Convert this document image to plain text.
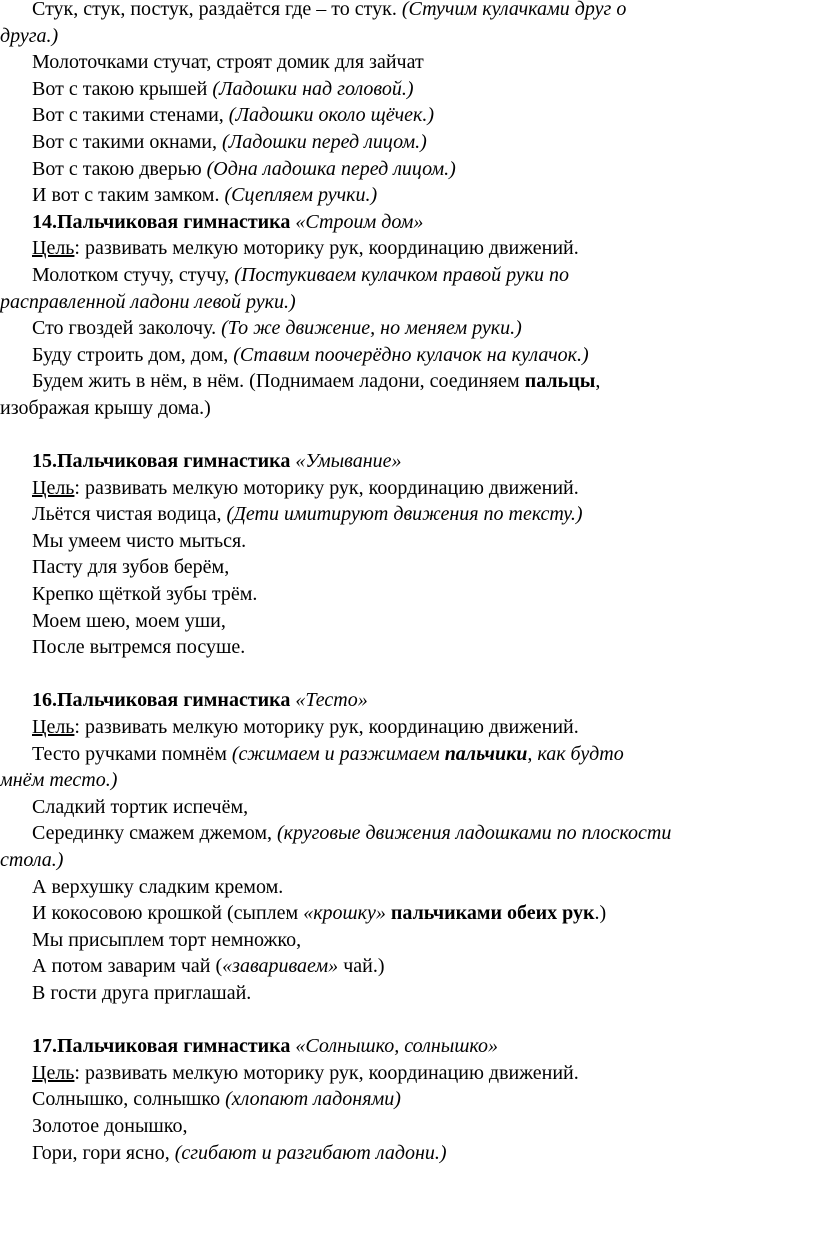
Стук, стук, постук, раздаётся где – то стук. (Стучим кулачками друг о

друга.)

Молоточками стучат, строят домик для зайчат

Вот с такою крышей (Ладошки над головой.)

Вот с такими стенами, (Ладошки около щёчек.)

Вот с такими окнами, (Ладошки перед лицом.)

Вот с такою дверью (Одна ладошка перед лицом.)

И вот с таким замком. (Сцепляем ручки.)

14.Пальчиковая гимнастика «Строим дом»

Цель: развивать мелкую моторику рук, координацию движений.

Молотком стучу, стучу, (Постукиваем кулачком правой руки по

расправленной ладони левой руки.)

Сто гвоздей заколочу. (То же движение, но меняем руки.)

Буду строить дом, дом, (Ставим поочерёдно кулачок на кулачок.)

Будем жить в нём, в нём. (Поднимаем ладони, соединяем пальцы,

изображая крышу дома.)

15.Пальчиковая гимнастика «Умывание»

Цель: развивать мелкую моторику рук, координацию движений.

Льётся чистая водица, (Дети имитируют движения по тексту.)

Мы умеем чисто мыться.

Пасту для зубов берём,

Крепко щёткой зубы трём.

Моем шею, моем уши,

После вытремся посуше.

16.Пальчиковая гимнастика «Тесто»

Цель: развивать мелкую моторику рук, координацию движений.

Тесто ручками помнём (сжимаем и разжимаем пальчики, как будто

мнём тесто.)

Сладкий тортик испечём,

Серединку смажем джемом, (круговые движения ладошками по плоскости

стола.)

А верхушку сладким кремом.

И кокосовою крошкой (сыплем «крошку» пальчиками обеих рук.)

Мы присыплем торт немножко,

А потом заварим чай («завариваем» чай.)

В гости друга приглашай.

17.Пальчиковая гимнастика «Солнышко, солнышко»

Цель: развивать мелкую моторику рук, координацию движений.

Солнышко, солнышко (хлопают ладонями)

Золотое донышко,

Гори, гори ясно, (сгибают и разгибают ладони.)
